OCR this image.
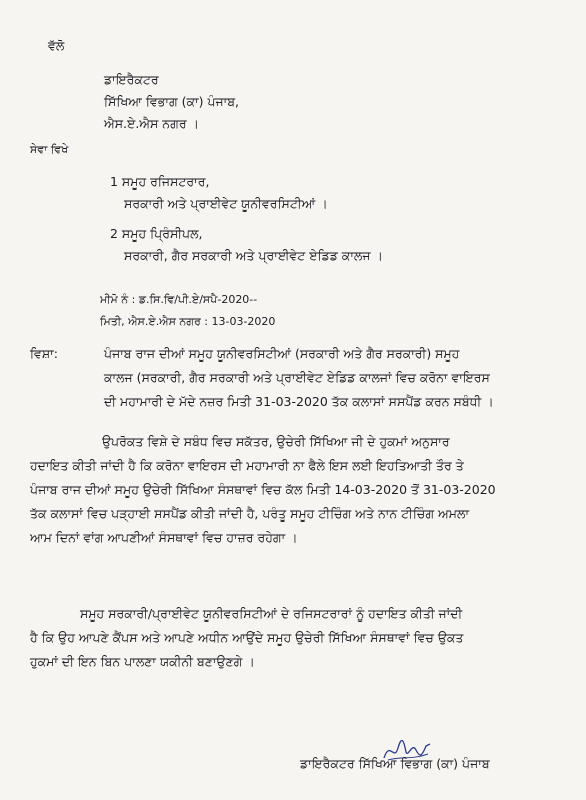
ਵੱਲੋ
ਡਾਇਰੈਕਟਰ
ਸਿੱਖਿਆ ਵਿਭਾਗ (ਕਾ) ਪੰਜਾਬ,
ਐਸ.ਏ.ਐਸ ਨਗਰ ।
ਸੇਵਾ ਵਿਖੇ
1 ਸਮੂਹ ਰਜਿਸਟਰਾਰ,
ਸਰਕਾਰੀ ਅਤੇ ਪ੍ਰਾਈਵੇਟ ਯੂਨੀਵਰਸਿਟੀਆਂ ।
2 ਸਮੂਹ ਪ੍ਰਿੰਸੀਪਲ,
ਸਰਕਾਰੀ, ਗੈਰ ਸਰਕਾਰੀ ਅਤੇ ਪ੍ਰਾਈਵੇਟ ਏਡਿਡ ਕਾਲਜ ।
ਮੀਮੋ ਨੰ : ਡ.ਸਿ.ਵਿ/ਪੀ.ਏ/ਸਪੈ-2020--
ਮਿਤੀ, ਐਸ.ਏ.ਐਸ ਨਗਰ : 13-03-2020
ਵਿਸ਼ਾ:	ਪੰਜਾਬ ਰਾਜ ਦੀਆਂ ਸਮੂਹ ਯੂਨੀਵਰਸਿਟੀਆਂ (ਸਰਕਾਰੀ ਅਤੇ ਗੈਰ ਸਰਕਾਰੀ) ਸਮੂਹ
ਕਾਲਜ (ਸਰਕਾਰੀ, ਗੈਰ ਸਰਕਾਰੀ ਅਤੇ ਪ੍ਰਾਈਵੇਟ ਏਡਿਡ ਕਾਲਜਾਂ ਵਿਚ ਕਰੋਨਾ ਵਾਇਰਸ
ਦੀ ਮਹਾਮਾਰੀ ਦੇ ਮੱਦੇ ਨਜ਼ਰ ਮਿਤੀ 31-03-2020 ਤੱਕ ਕਲਾਸਾਂ ਸਸਪੈਂਡ ਕਰਨ ਸਬੰਧੀ ।
ਉਪਰੋਕਤ ਵਿਸ਼ੇ ਦੇ ਸਬੰਧ ਵਿਚ ਸਕੱਤਰ, ਉਚੇਰੀ ਸਿੱਖਿਆ ਜੀ ਦੇ ਹੁਕਮਾਂ ਅਨੁਸਾਰ
ਹਦਾਇਤ ਕੀਤੀ ਜਾਂਦੀ ਹੈ ਕਿ ਕਰੋਨਾ ਵਾਇਰਸ ਦੀ ਮਹਾਮਾਰੀ ਨਾ ਫੈਲੇ ਇਸ ਲਈ ਇਹਤਿਆਤੀ ਤੌਰ ਤੇ
ਪੰਜਾਬ ਰਾਜ ਦੀਆਂ ਸਮੂਹ ਉਚੇਰੀ ਸਿੱਖਿਆ ਸੰਸਥਾਵਾਂ ਵਿਚ ਕੱਲ ਮਿਤੀ 14-03-2020 ਤੋਂ 31-03-2020
ਤੱਕ ਕਲਾਸਾਂ ਵਿਚ ਪੜ੍ਹਾਈ ਸਸਪੈਂਡ ਕੀਤੀ ਜਾਂਦੀ ਹੈ, ਪਰੰਤੂ ਸਮੂਹ ਟੀਚਿੰਗ ਅਤੇ ਨਾਨ ਟੀਚਿੰਗ ਅਮਲਾ
ਆਮ ਦਿਨਾਂ ਵਾਂਗ ਆਪਣੀਆਂ ਸੰਸਥਾਵਾਂ ਵਿਚ ਹਾਜ਼ਰ ਰਹੇਗਾ ।
ਸਮੂਹ ਸਰਕਾਰੀ/ਪ੍ਰਾਈਵੇਟ ਯੂਨੀਵਰਸਿਟੀਆਂ ਦੇ ਰਜਿਸਟਰਾਰਾਂ ਨੂੰ ਹਦਾਇਤ ਕੀਤੀ ਜਾਂਦੀ
ਹੈ ਕਿ ਉਹ ਆਪਣੇ ਕੈਂਪਸ ਅਤੇ ਆਪਣੇ ਅਧੀਨ ਆਉਂਦੇ ਸਮੂਹ ਉਚੇਰੀ ਸਿੱਖਿਆ ਸੰਸਥਾਵਾਂ ਵਿਚ ਉਕਤ
ਹੁਕਮਾਂ ਦੀ ਇਨ ਬਿਨ ਪਾਲਣਾ ਯਕੀਨੀ ਬਣਾਉਣਗੇ ।
ਡਾਇਰੈਕਟਰ ਸਿੱਖਿਆ ਵਿਭਾਗ (ਕਾ) ਪੰਜਾਬ
